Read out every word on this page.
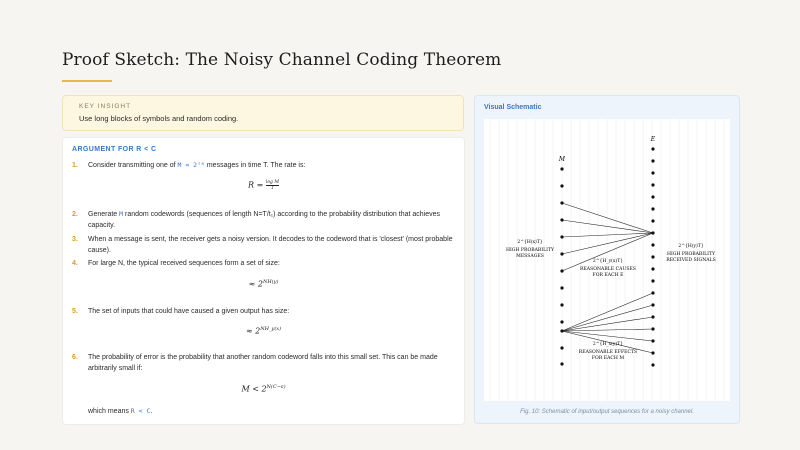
Proof Sketch: The Noisy Channel Coding Theorem
KEY INSIGHT
Use long blocks of symbols and random coding.
ARGUMENT FOR R < C
1. Consider transmitting one of M = 2ᵀᴿ messages in time T. The rate is:
$R = \frac{\text{log M}}{T}$
2. Generate M random codewords (sequences of length N=T/t₁) according to the probability distribution that achieves capacity.
3. When a message is sent, the receiver gets a noisy version. It decodes to the codeword that is 'closest' (most probable cause).
4. For large N, the typical received sequences form a set of size:
≈ $2^{NH(y)}$
5. The set of inputs that could have caused a given output has size:
≈ $2^{NH\_y(x)}$
6. The probability of error is the probability that another random codeword falls into this small set. This can be made arbitrarily small if:
$M < 2^{N(C-\varepsilon)}$
which means R < C.
Visual Schematic
M
E
2^{H(x)T}
HIGH PROBABILITY
MESSAGES
2^{H(y)T}
HIGH PROBABILITY
RECEIVED SIGNALS
2^{H_y(x)T}
REASONABLE CAUSES
FOR EACH E
2^{H_x(y)T}
REASONABLE EFFECTS
FOR EACH M
Fig. 10: Schematic of input/output sequences for a noisy channel.
